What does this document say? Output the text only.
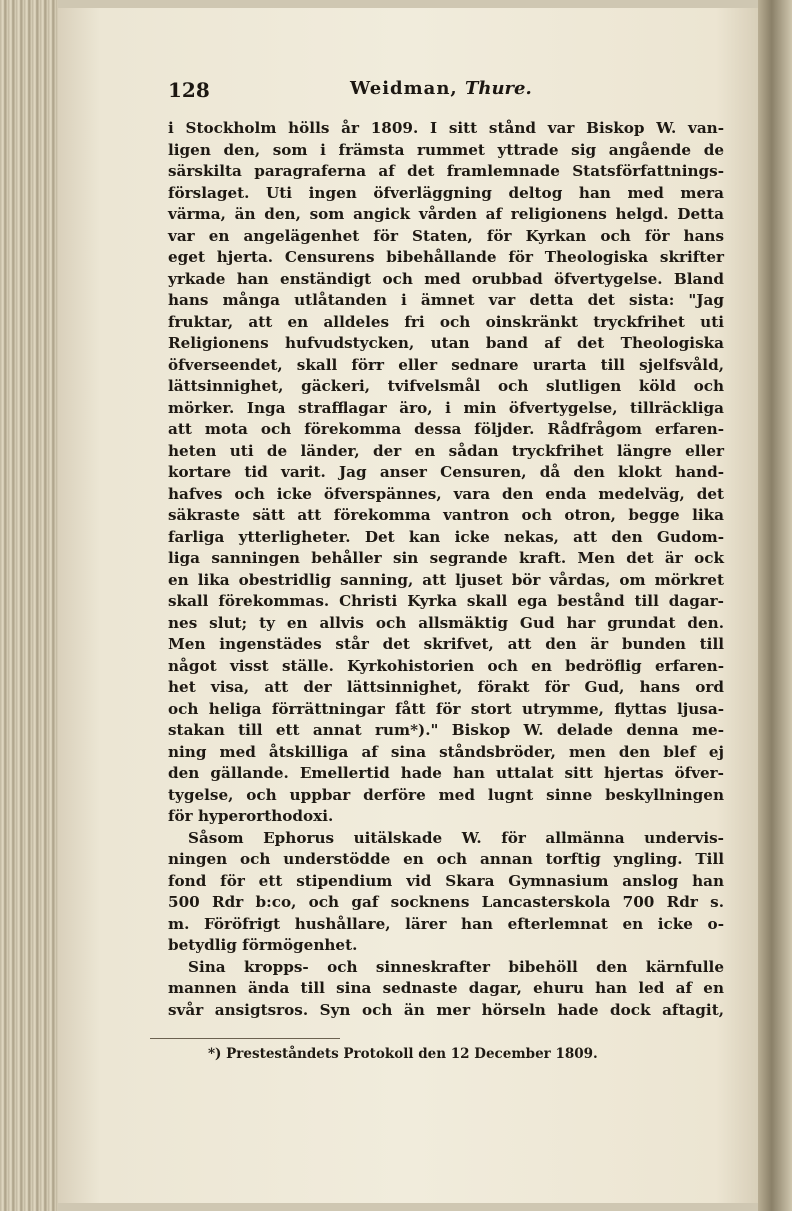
128	Weidman, Thure.
i Stockholm hölls år 1809. I sitt stånd var Biskop W. van-
ligen den, som i främsta rummet yttrade sig angående de
särskilta paragraferna af det framlemnade Statsförfattnings-
förslaget. Uti ingen öfverläggning deltog han med mera
värma, än den, som angick vården af religionens helgd. Detta
var en angelägenhet för Staten, för Kyrkan och för hans
eget hjerta. Censurens bibehållande för Theologiska skrifter
yrkade han enständigt och med orubbad öfvertygelse. Bland
hans många utlåtanden i ämnet var detta det sista: "Jag
fruktar, att en alldeles fri och oinskränkt tryckfrihet uti
Religionens hufvudstycken, utan band af det Theologiska
öfverseendet, skall förr eller sednare urarta till sjelfsvåld,
lättsinnighet, gäckeri, tvifvelsmål och slutligen köld och
mörker. Inga strafflagar äro, i min öfvertygelse, tillräckliga
att mota och förekomma dessa följder. Rådfrågom erfaren-
heten uti de länder, der en sådan tryckfrihet längre eller
kortare tid varit. Jag anser Censuren, då den klokt hand-
hafves och icke öfverspännes, vara den enda medelväg, det
säkraste sätt att förekomma vantron och otron, begge lika
farliga ytterligheter. Det kan icke nekas, att den Gudom-
liga sanningen behåller sin segrande kraft. Men det är ock
en lika obestridlig sanning, att ljuset bör vårdas, om mörkret
skall förekommas. Christi Kyrka skall ega bestånd till dagar-
nes slut; ty en allvis och allsmäktig Gud har grundat den.
Men ingenstädes står det skrifvet, att den är bunden till
något visst ställe. Kyrkohistorien och en bedröflig erfaren-
het visa, att der lättsinnighet, förakt för Gud, hans ord
och heliga förrättningar fått för stort utrymme, flyttas ljusa-
stakan till ett annat rum*)." Biskop W. delade denna me-
ning med åtskilliga af sina ståndsbröder, men den blef ej
den gällande. Emellertid hade han uttalat sitt hjertas öfver-
tygelse, och uppbar derföre med lugnt sinne beskyllningen
för hyperorthodoxi.
Såsom Ephorus uitälskade W. för allmänna undervis-
ningen och understödde en och annan torftig yngling. Till
fond för ett stipendium vid Skara Gymnasium anslog han
500 Rdr b:co, och gaf socknens Lancasterskola 700 Rdr s.
m. Föröfrigt hushållare, lärer han efterlemnat en icke o-
betydlig förmögenhet.
Sina kropps- och sinneskrafter bibehöll den kärnfulle
mannen ända till sina sednaste dagar, ehuru han led af en
svår ansigtsros. Syn och än mer hörseln hade dock aftagit,
*) Presteståndets Protokoll den 12 December 1809.
